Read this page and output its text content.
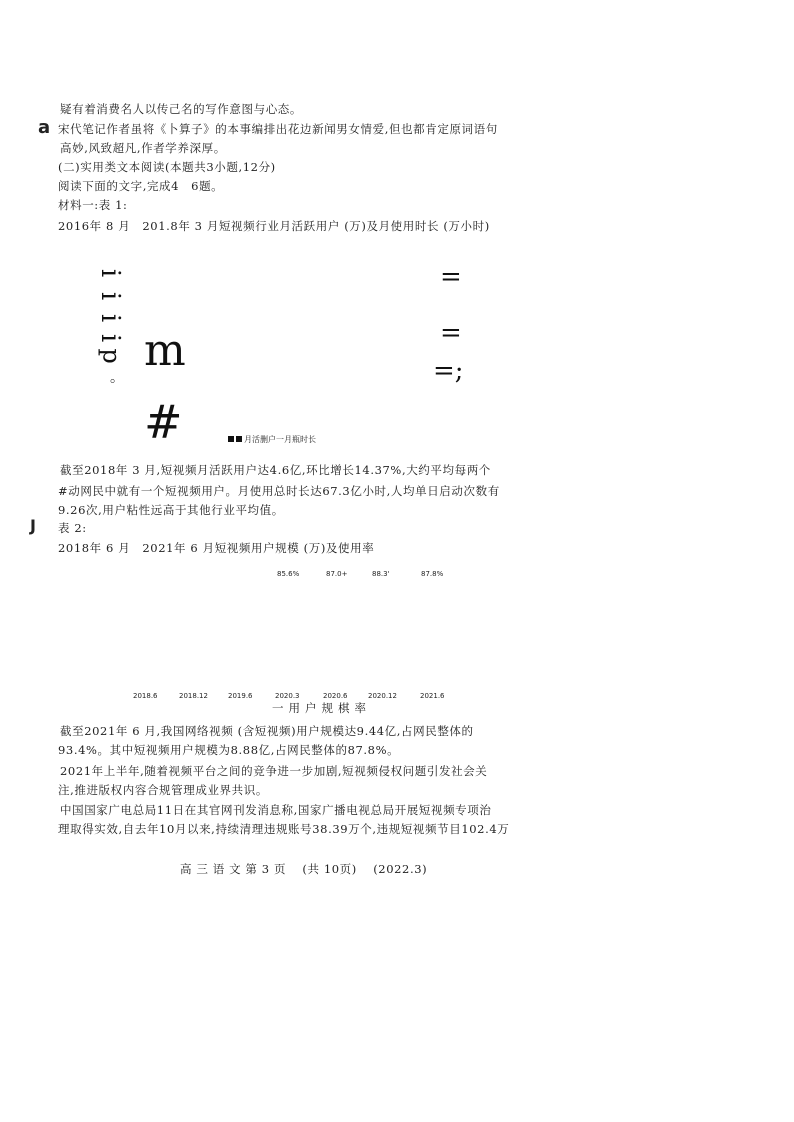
疑有着消费名人以传己名的写作意图与心态。
a 宋代笔记作者虽将《卜算子》的本事编排出花边新闻男女情爱,但也都肯定原词语句
高妙,风致超凡,作者学养深厚。
(二)实用类文本阅读(本题共3小题,12分)
阅读下面的文字,完成4　6题。
材料一:表 1:
2016年 8 月　201.8年 3 月短视频行业月活跃用户 (万)及月使用时长 (万小时)
i
i
i
i
p
。
m
#
=
=
=;
月活删户一月瓶时长
截至2018年 3 月,短视频月活跃用户达4.6亿,环比增长14.37%,大约平均每两个
#动网民中就有一个短视频用户。月使用总时长达67.3亿小时,人均单日启动次数有
9.26次,用户粘性远高于其他行业平均值。
J 表 2:
2018年 6 月　2021年 6 月短视频用户规模 (万)及使用率
85.6%	87.0+	88.3'	87.8%
2018.6	2018.12	2019.6	2020.3	2020.6	2020.12	2021.6
一用户规棋率
截至2021年 6 月,我国网络视频 (含短视频)用户规模达9.44亿,占网民整体的
93.4%。其中短视频用户规模为8.88亿,占网民整体的87.8%。
2021年上半年,随着视频平台之间的竞争进一步加剧,短视频侵权问题引发社会关
注,推进版权内容合规管理成业界共识。
中国国家广电总局11日在其官网刊发消息称,国家广播电视总局开展短视频专项治
理取得实效,自去年10月以来,持续清理违规账号38.39万个,违规短视频节目102.4万
高 三 语 文 第 3 页　 (共 10页)　 (2022.3)
